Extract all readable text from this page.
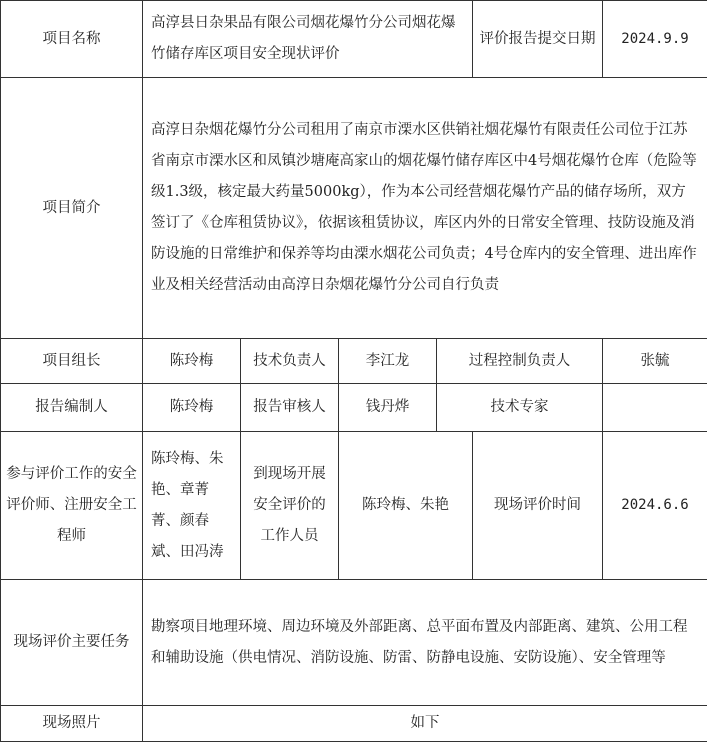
项目名称	高淳县日杂果品有限公司烟花爆竹分公司烟花爆竹储存库区项目安全现状评价				评价报告提交日期	2024.9.9
项目简介	高淳日杂烟花爆竹分公司租用了南京市溧水区供销社烟花爆竹有限责任公司位于江苏省南京市溧水区和凤镇沙塘庵高家山的烟花爆竹储存库区中4号烟花爆竹仓库（危险等级1.3级，核定最大药量5000kg），作为本公司经营烟花爆竹产品的储存场所，双方签订了《仓库租赁协议》，依据该租赁协议，库区内外的日常安全管理、技防设施及消防设施的日常维护和保养等均由溧水烟花公司负责；4号仓库内的安全管理、进出库作业及相关经营活动由高淳日杂烟花爆竹分公司自行负责					
项目组长	陈玲梅	技术负责人	李江龙	过程控制负责人		张毓
报告编制人	陈玲梅	报告审核人	钱丹烨	技术专家		
参与评价工作的安全评价师、注册安全工程师	陈玲梅、朱艳、章菁菁、颜春斌、田冯涛	到现场开展安全评价的工作人员	陈玲梅、朱艳		现场评价时间	2024.6.6
现场评价主要任务	勘察项目地理环境、周边环境及外部距离、总平面布置及内部距离、建筑、公用工程和辅助设施（供电情况、消防设施、防雷、防静电设施、安防设施）、安全管理等					
现场照片	如下					
